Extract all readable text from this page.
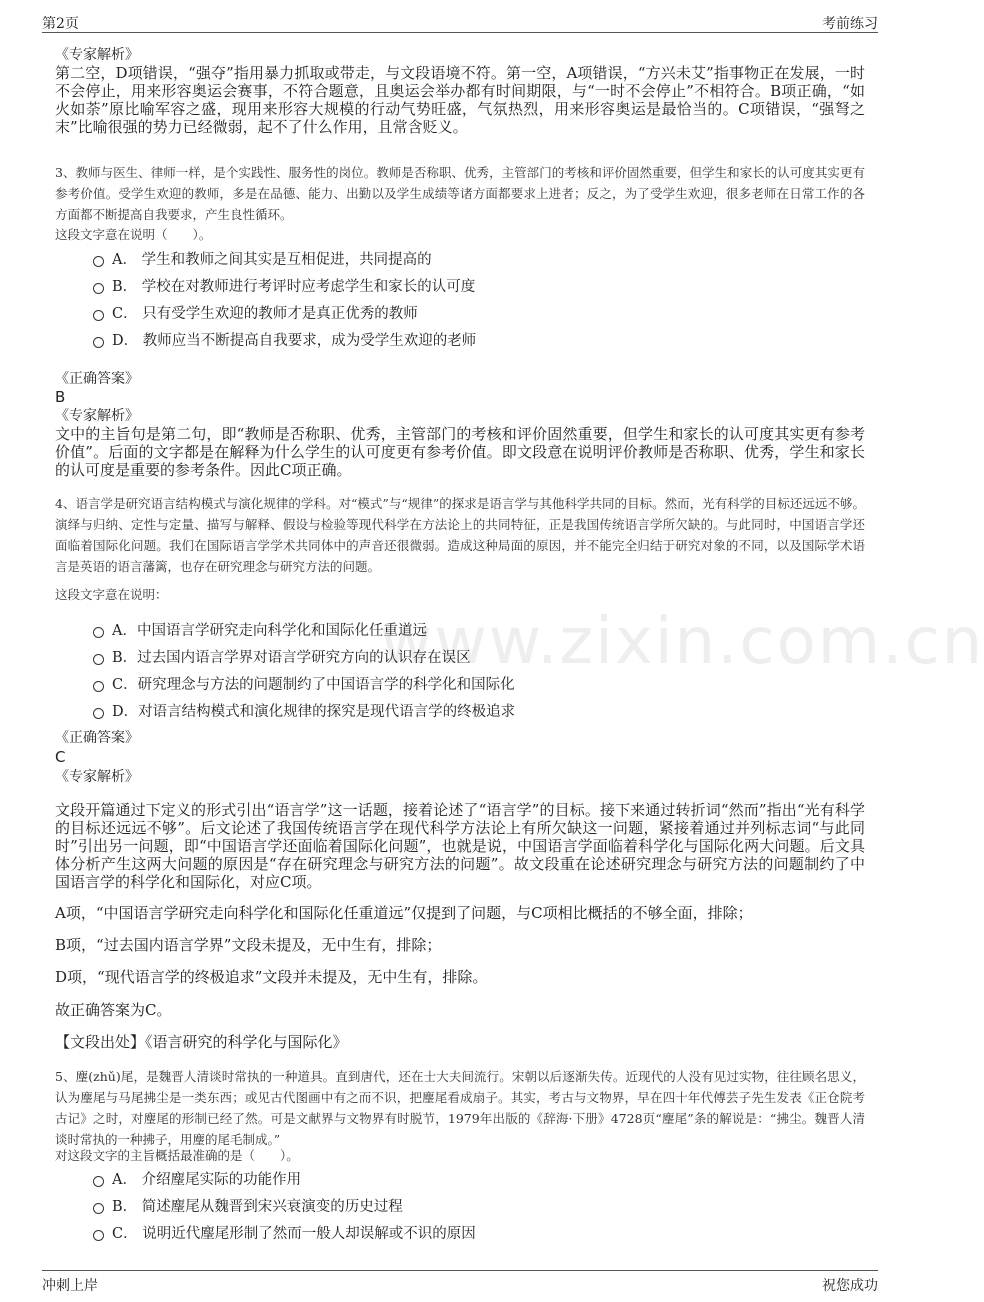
第2页	考前练习
www.zixin.com.cn
《专家解析》
第二空，D项错误，“强夺”指用暴力抓取或带走，与文段语境不符。第一空，A项错误，“方兴未艾”指事物正在发展，一时不会停止，用来形容奥运会赛事，不符合题意，且奥运会举办都有时间期限，与“一时不会停止”不相符合。B项正确，“如火如荼”原比喻军容之盛，现用来形容大规模的行动气势旺盛，气氛热烈，用来形容奥运是最恰当的。C项错误，“强弩之末”比喻很强的势力已经微弱，起不了什么作用，且常含贬义。
3、教师与医生、律师一样，是个实践性、服务性的岗位。教师是否称职、优秀，主管部门的考核和评价固然重要，但学生和家长的认可度其实更有参考价值。受学生欢迎的教师，多是在品德、能力、出勤以及学生成绩等诸方面都要求上进者；反之，为了受学生欢迎，很多老师在日常工作的各方面都不断提高自我要求，产生良性循环。
这段文字意在说明（　　）。
A． 学生和教师之间其实是互相促进，共同提高的
B． 学校在对教师进行考评时应考虑学生和家长的认可度
C． 只有受学生欢迎的教师才是真正优秀的教师
D． 教师应当不断提高自我要求，成为受学生欢迎的老师
《正确答案》
B
《专家解析》
文中的主旨句是第二句，即“教师是否称职、优秀，主管部门的考核和评价固然重要，但学生和家长的认可度其实更有参考价值”。后面的文字都是在解释为什么学生的认可度更有参考价值。即文段意在说明评价教师是否称职、优秀，学生和家长的认可度是重要的参考条件。因此C项正确。
4、语言学是研究语言结构模式与演化规律的学科。对“模式”与“规律”的探求是语言学与其他科学共同的目标。然而，光有科学的目标还远远不够。演绎与归纳、定性与定量、描写与解释、假设与检验等现代科学在方法论上的共同特征，正是我国传统语言学所欠缺的。与此同时，中国语言学还面临着国际化问题。我们在国际语言学学术共同体中的声音还很微弱。造成这种局面的原因，并不能完全归结于研究对象的不同，以及国际学术语言是英语的语言藩篱，也存在研究理念与研究方法的问题。
这段文字意在说明：
A．中国语言学研究走向科学化和国际化任重道远
B．过去国内语言学界对语言学研究方向的认识存在误区
C．研究理念与方法的问题制约了中国语言学的科学化和国际化
D．对语言结构模式和演化规律的探究是现代语言学的终极追求
《正确答案》
C
《专家解析》
文段开篇通过下定义的形式引出“语言学”这一话题，接着论述了“语言学”的目标。接下来通过转折词“然而”指出“光有科学的目标还远远不够”。后文论述了我国传统语言学在现代科学方法论上有所欠缺这一问题，紧接着通过并列标志词“与此同时”引出另一问题，即“中国语言学还面临着国际化问题”，也就是说，中国语言学面临着科学化与国际化两大问题。后文具体分析产生这两大问题的原因是“存在研究理念与研究方法的问题”。故文段重在论述研究理念与研究方法的问题制约了中国语言学的科学化和国际化，对应C项。
A项，“中国语言学研究走向科学化和国际化任重道远”仅提到了问题，与C项相比概括的不够全面，排除；
B项，“过去国内语言学界”文段未提及，无中生有，排除；
D项，“现代语言学的终极追求”文段并未提及，无中生有，排除。
故正确答案为C。
【文段出处】《语言研究的科学化与国际化》
5、麈(zhǔ)尾，是魏晋人清谈时常执的一种道具。直到唐代，还在士大夫间流行。宋朝以后逐渐失传。近现代的人没有见过实物，往往顾名思义，认为麈尾与马尾拂尘是一类东西；或见古代图画中有之而不识，把麈尾看成扇子。其实，考古与文物界，早在四十年代傅芸子先生发表《正仓院考古记》之时，对麈尾的形制已经了然。可是文献界与文物界有时脱节，1979年出版的《辞海·下册》4728页“麈尾”条的解说是：“拂尘。魏晋人清谈时常执的一种拂子，用麈的尾毛制成。”
对这段文字的主旨概括最准确的是（　　）。
A． 介绍麈尾实际的功能作用
B． 简述麈尾从魏晋到宋兴衰演变的历史过程
C． 说明近代麈尾形制了然而一般人却误解或不识的原因
冲刺上岸	祝您成功
